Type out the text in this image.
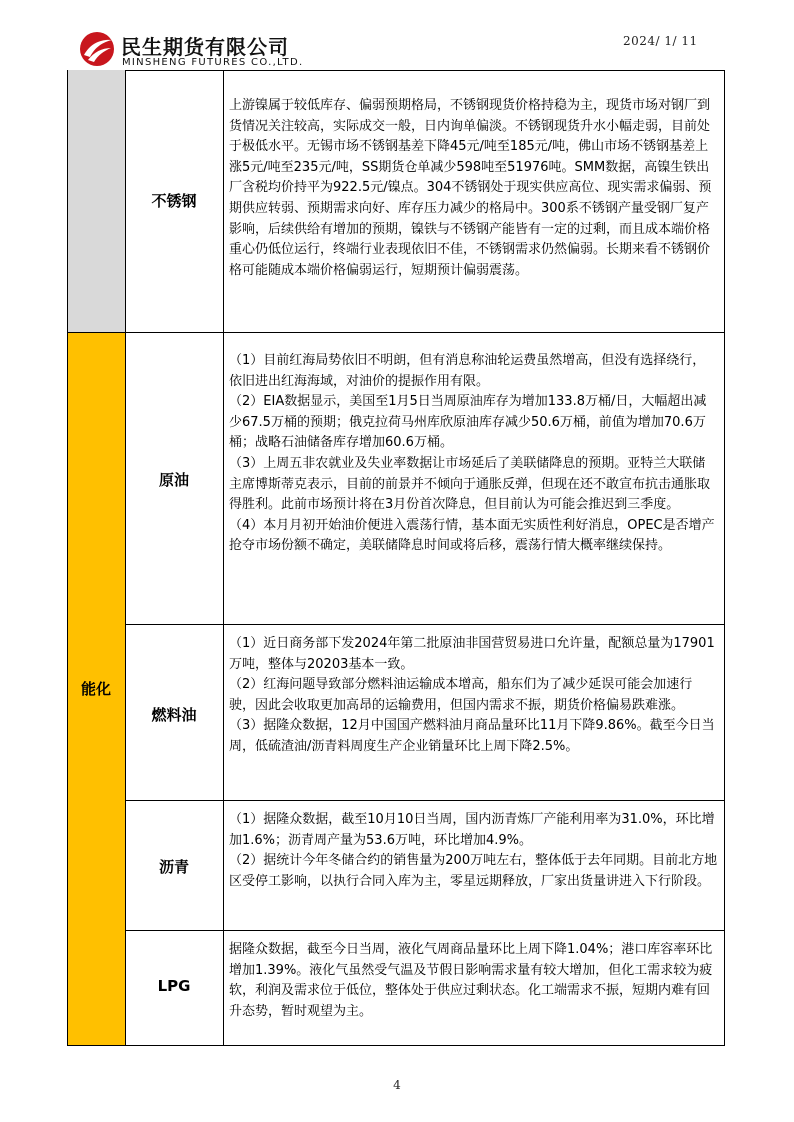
民生期货有限公司
MINSHENG FUTURES CO.,LTD.
2024/ 1/ 11
不锈钢

上游镍属于较低库存、偏弱预期格局，不锈钢现货价格持稳为主，现货市场对钢厂到货情况关注较高，实际成交一般，日内询单偏淡。不锈钢现货升水小幅走弱，目前处于极低水平。无锡市场不锈钢基差下降45元/吨至185元/吨，佛山市场不锈钢基差上涨5元/吨至235元/吨，SS期货仓单减少598吨至51976吨。SMM数据，高镍生铁出厂含税均价持平为922.5元/镍点。304不锈钢处于现实供应高位、现实需求偏弱、预期供应转弱、预期需求向好、库存压力减少的格局中。300系不锈钢产量受钢厂复产影响，后续供给有增加的预期，镍铁与不锈钢产能皆有一定的过剩，而且成本端价格重心仍低位运行，终端行业表现依旧不佳，不锈钢需求仍然偏弱。长期来看不锈钢价格可能随成本端价格偏弱运行，短期预计偏弱震荡。

能化
原油

（1）目前红海局势依旧不明朗，但有消息称油轮运费虽然增高，但没有选择绕行，依旧进出红海海域，对油价的提振作用有限。

（2）EIA数据显示，美国至1月5日当周原油库存为增加133.8万桶/日，大幅超出减少67.5万桶的预期；俄克拉荷马州库欣原油库存减少50.6万桶，前值为增加70.6万桶；战略石油储备库存增加60.6万桶。

（3）上周五非农就业及失业率数据让市场延后了美联储降息的预期。亚特兰大联储主席博斯蒂克表示，目前的前景并不倾向于通胀反弹，但现在还不敢宣布抗击通胀取得胜利。此前市场预计将在3月份首次降息，但目前认为可能会推迟到三季度。

（4）本月月初开始油价便进入震荡行情，基本面无实质性利好消息，OPEC是否增产抢夺市场份额不确定，美联储降息时间或将后移，震荡行情大概率继续保持。

燃料油

（1）近日商务部下发2024年第二批原油非国营贸易进口允许量，配额总量为17901万吨，整体与20203基本一致。

（2）红海问题导致部分燃料油运输成本增高，船东们为了减少延误可能会加速行驶，因此会收取更加高昂的运输费用，但国内需求不振，期货价格偏易跌难涨。

（3）据隆众数据，12月中国国产燃料油月商品量环比11月下降9.86%。截至今日当周，低硫渣油/沥青料周度生产企业销量环比上周下降2.5%。

沥青

（1）据隆众数据，截至10月10日当周，国内沥青炼厂产能利用率为31.0%，环比增加1.6%；沥青周产量为53.6万吨，环比增加4.9%。

（2）据统计今年冬储合约的销售量为200万吨左右，整体低于去年同期。目前北方地区受停工影响，以执行合同入库为主，零星远期释放，厂家出货量讲进入下行阶段。

LPG

据隆众数据，截至今日当周，液化气周商品量环比上周下降1.04%；港口库容率环比增加1.39%。液化气虽然受气温及节假日影响需求量有较大增加，但化工需求较为疲软，利润及需求位于低位，整体处于供应过剩状态。化工端需求不振，短期内难有回升态势，暂时观望为主。

4
